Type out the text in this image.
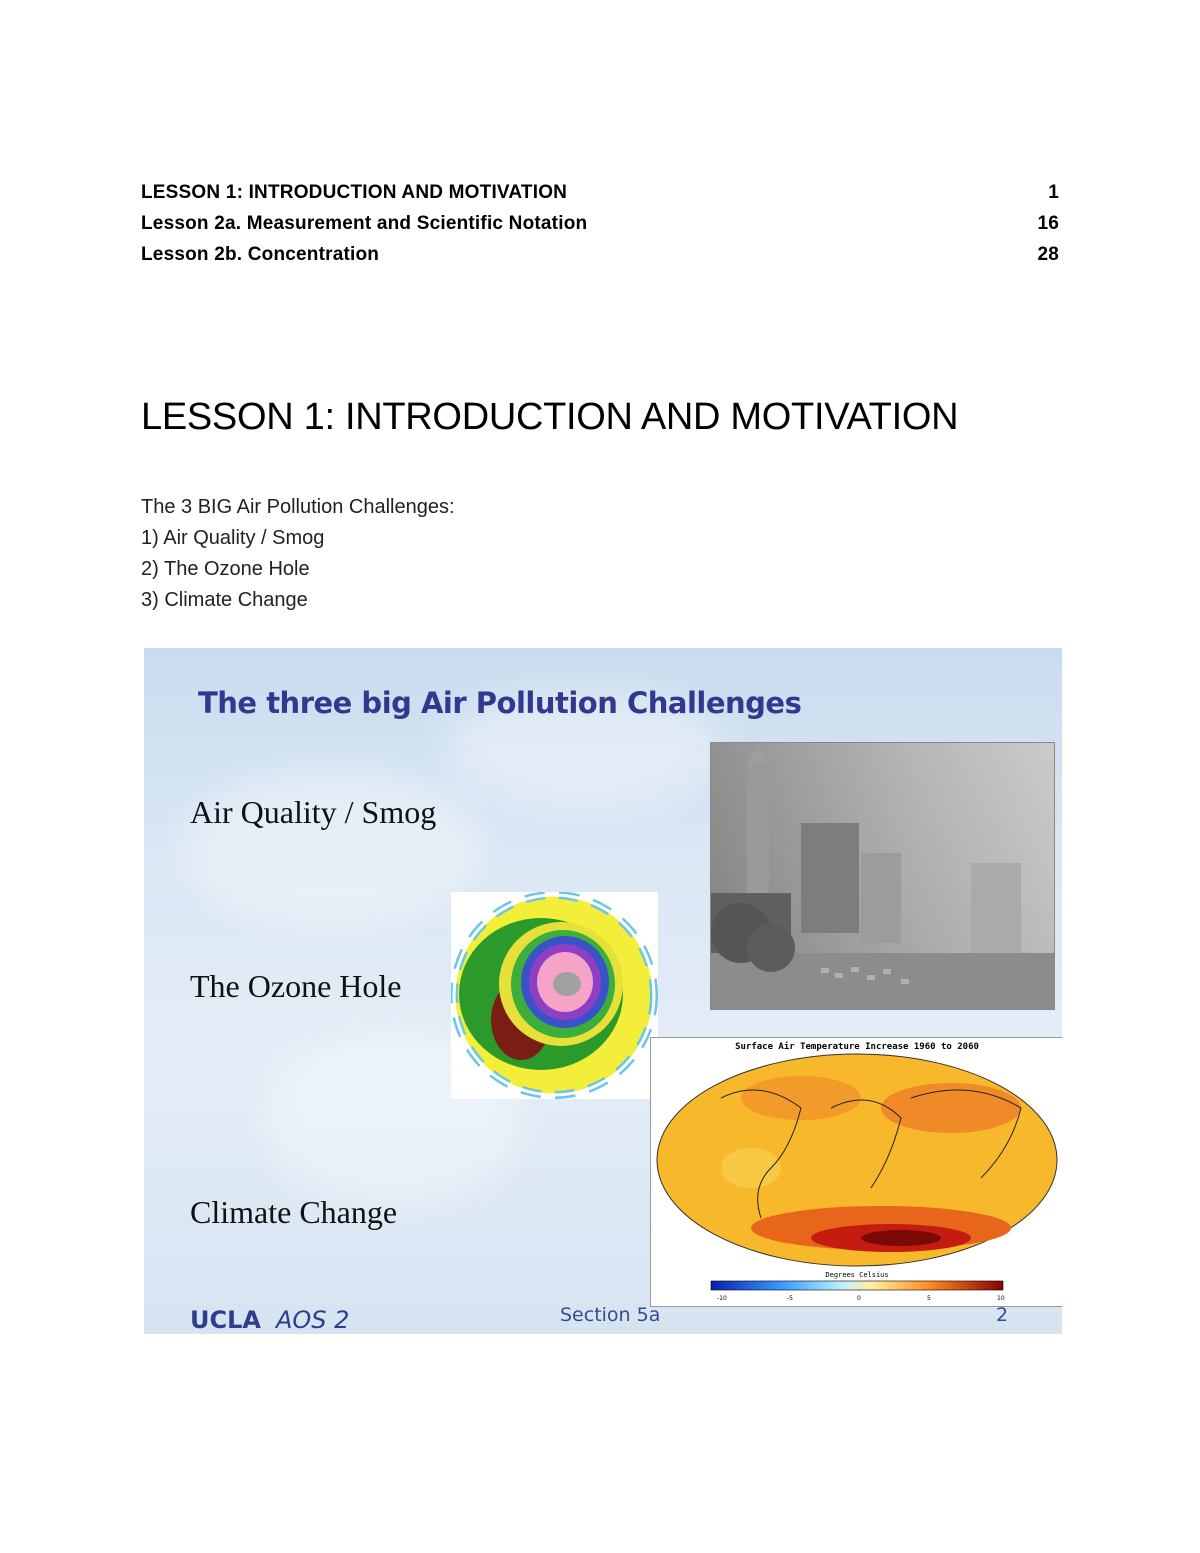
LESSON 1: INTRODUCTION AND MOTIVATION	1
Lesson 2a. Measurement and Scientific Notation	16
Lesson 2b. Concentration	28
LESSON 1: INTRODUCTION AND MOTIVATION
The 3 BIG Air Pollution Challenges:
1) Air Quality / Smog
2) The Ozone Hole
3) Climate Change
The three big Air Pollution Challenges
Air Quality / Smog
The Ozone Hole
Climate Change
Surface Air Temperature Increase 1960 to 2060
Degrees Celsius
-10	-5	0	5	10
UCLA AOS 2	Section 5a	2
